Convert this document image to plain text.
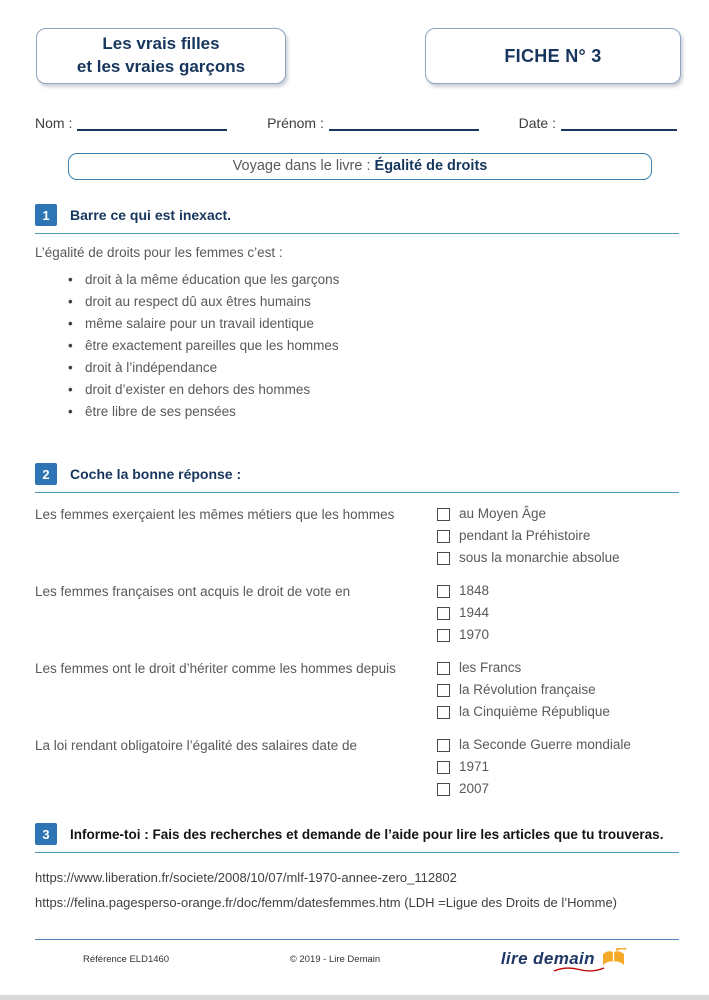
Les vrais filles
et les vraies garçons
FICHE N° 3
Nom :	Prénom :	Date :
Voyage dans le livre : Égalité de droits
1	Barre ce qui est inexact.
L’égalité de droits pour les femmes c’est :
• droit à la même éducation que les garçons
• droit au respect dû aux êtres humains
• même salaire pour un travail identique
• être exactement pareilles que les hommes
• droit à l’indépendance
• droit d’exister en dehors des hommes
• être libre de ses pensées
2	Coche la bonne réponse :
Les femmes exerçaient les mêmes métiers que les hommes	au Moyen Âge
pendant la Préhistoire
sous la monarchie absolue
Les femmes françaises ont acquis le droit de vote en	1848
1944
1970
Les femmes ont le droit d’hériter comme les hommes depuis	les Francs
la Révolution française
la Cinquième République
La loi rendant obligatoire l’égalité des salaires date de	la Seconde Guerre mondiale
1971
2007
3	Informe-toi : Fais des recherches et demande de l’aide pour lire les articles que tu trouveras.
https://www.liberation.fr/societe/2008/10/07/mlf-1970-annee-zero_112802
https://felina.pagesperso-orange.fr/doc/femm/datesfemmes.htm (LDH =Ligue des Droits de l’Homme)
Référence ELD1460	© 2019 - Lire Demain	lire demain
